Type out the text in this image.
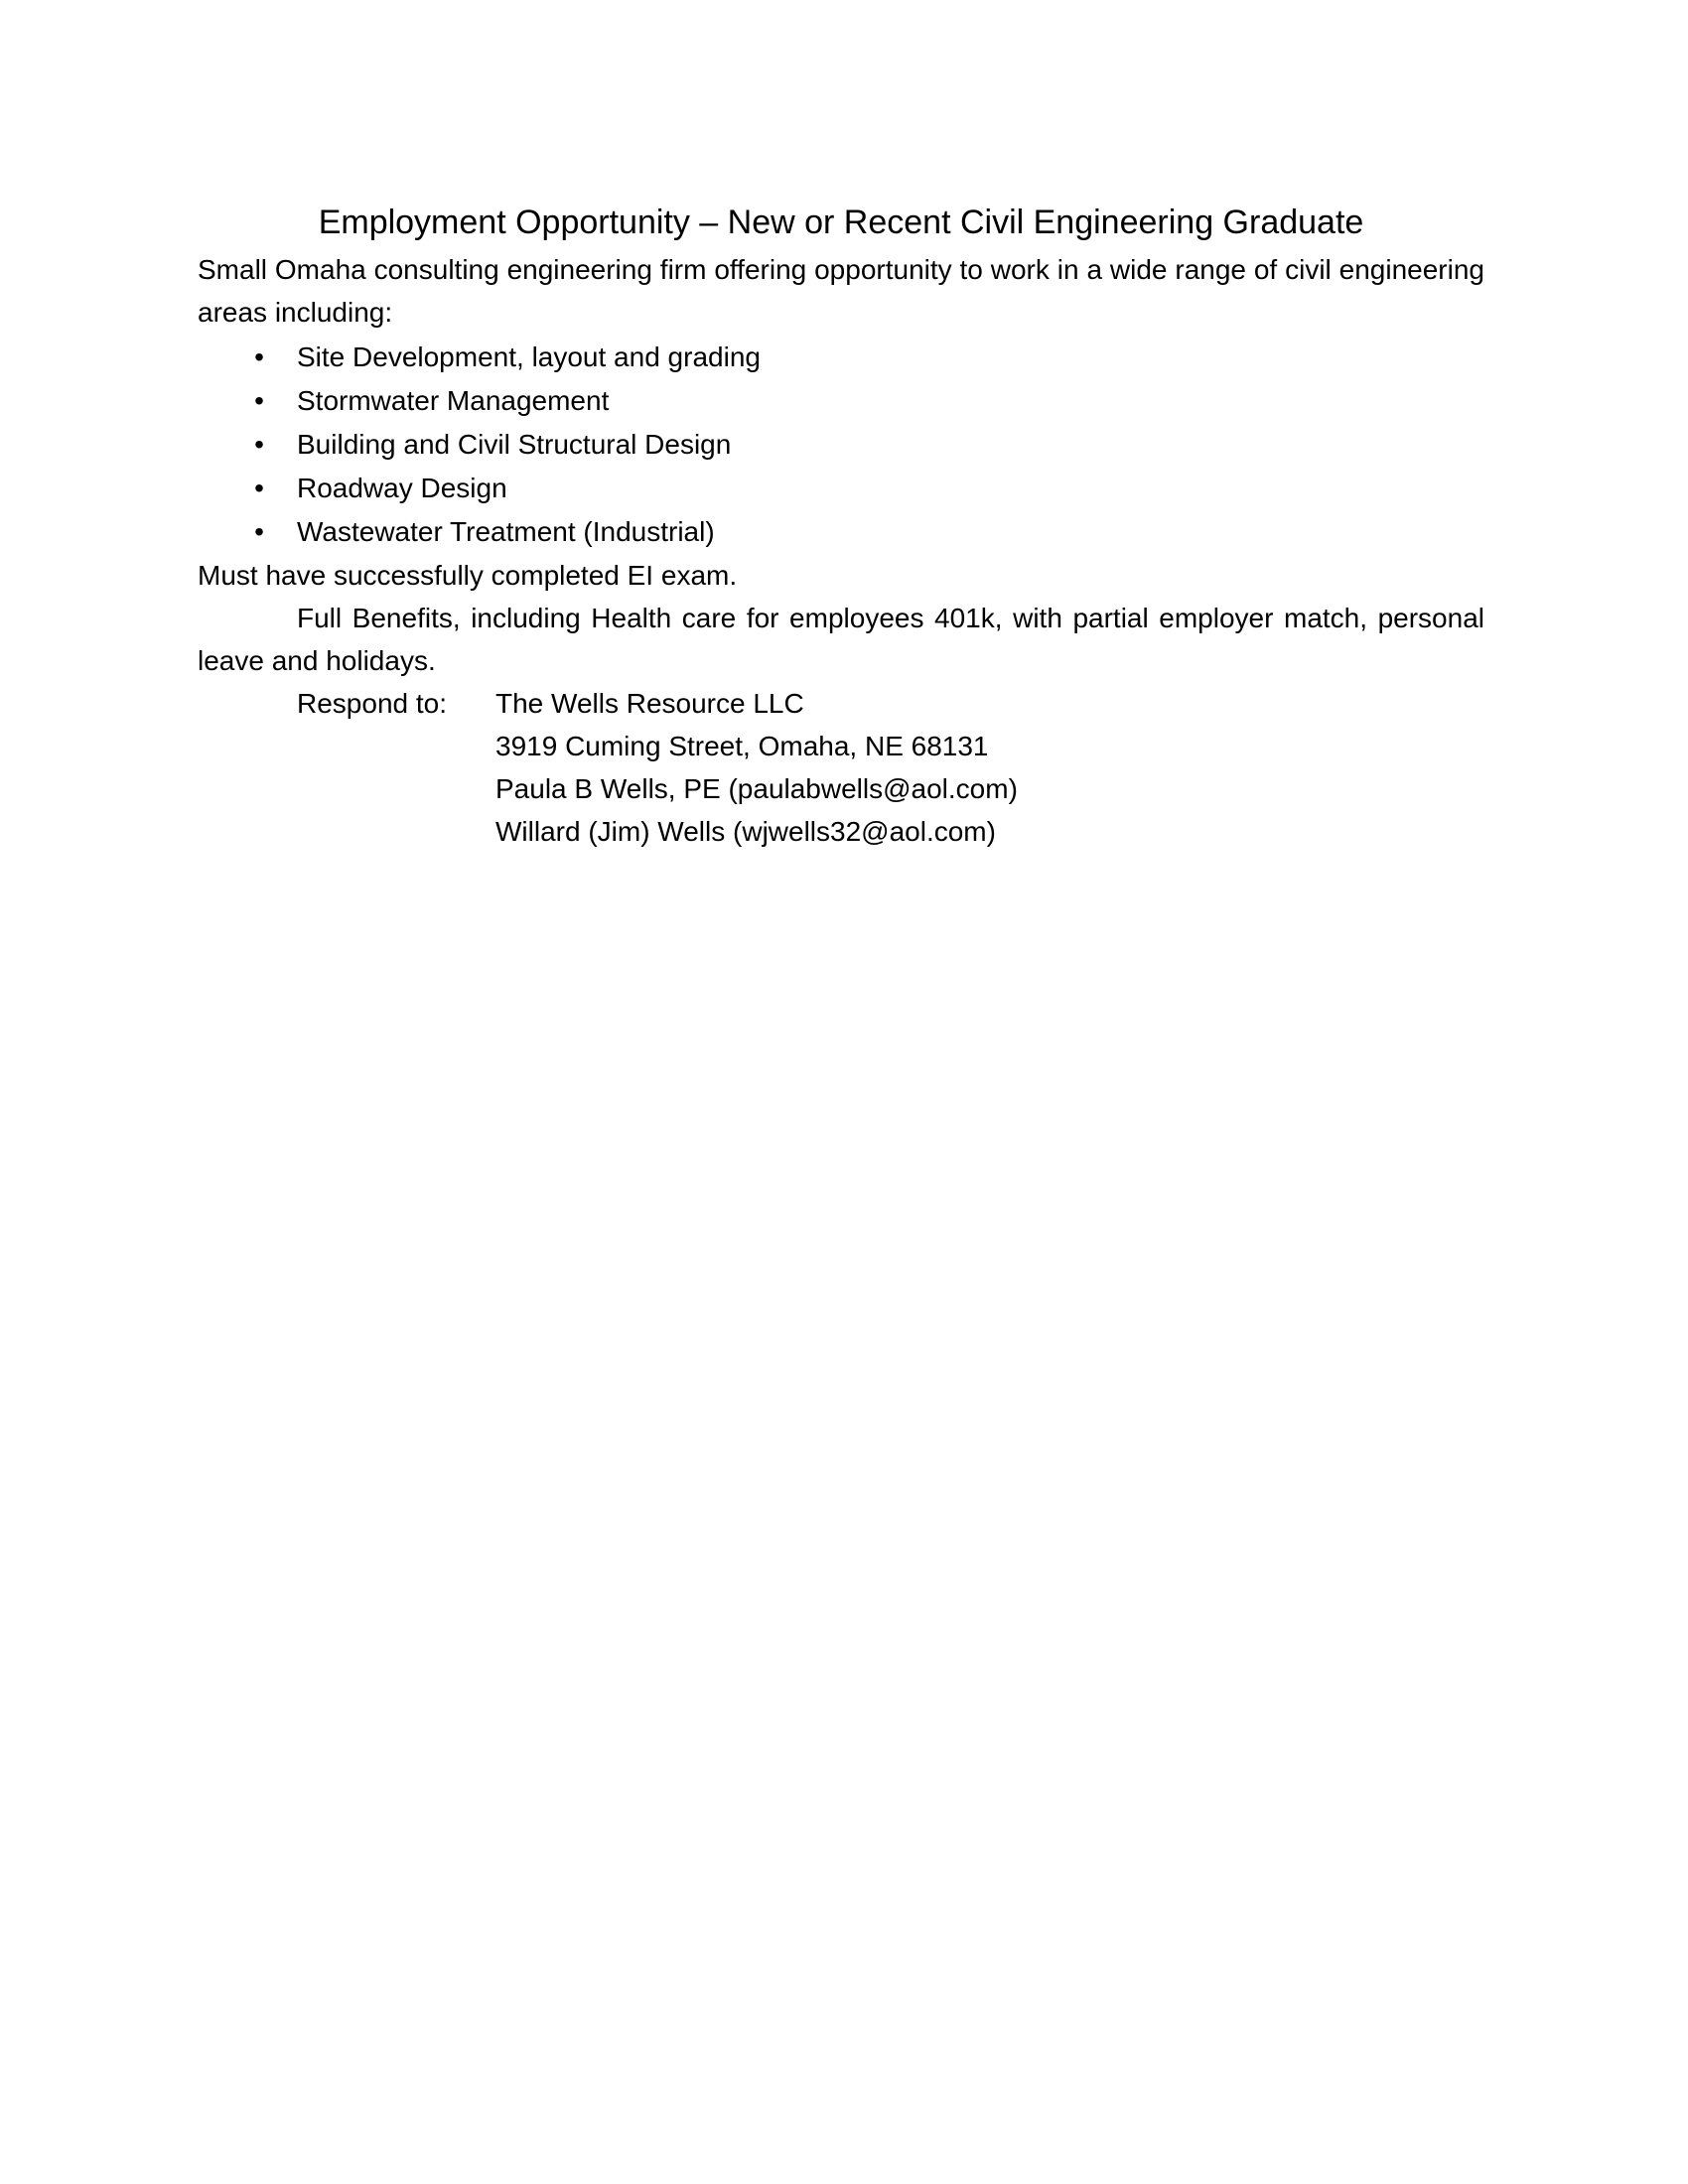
Employment Opportunity – New or Recent Civil Engineering Graduate

Small Omaha consulting engineering firm offering opportunity to work in a wide range of civil engineering areas including:

• Site Development, layout and grading
• Stormwater Management
• Building and Civil Structural Design
• Roadway Design
• Wastewater Treatment (Industrial)

Must have successfully completed EI exam.

Full Benefits, including Health care for employees 401k, with partial employer match, personal leave and holidays.

Respond to:	The Wells Resource LLC
3919 Cuming Street, Omaha, NE 68131
Paula B Wells, PE (paulabwells@aol.com)
Willard (Jim) Wells (wjwells32@aol.com)
